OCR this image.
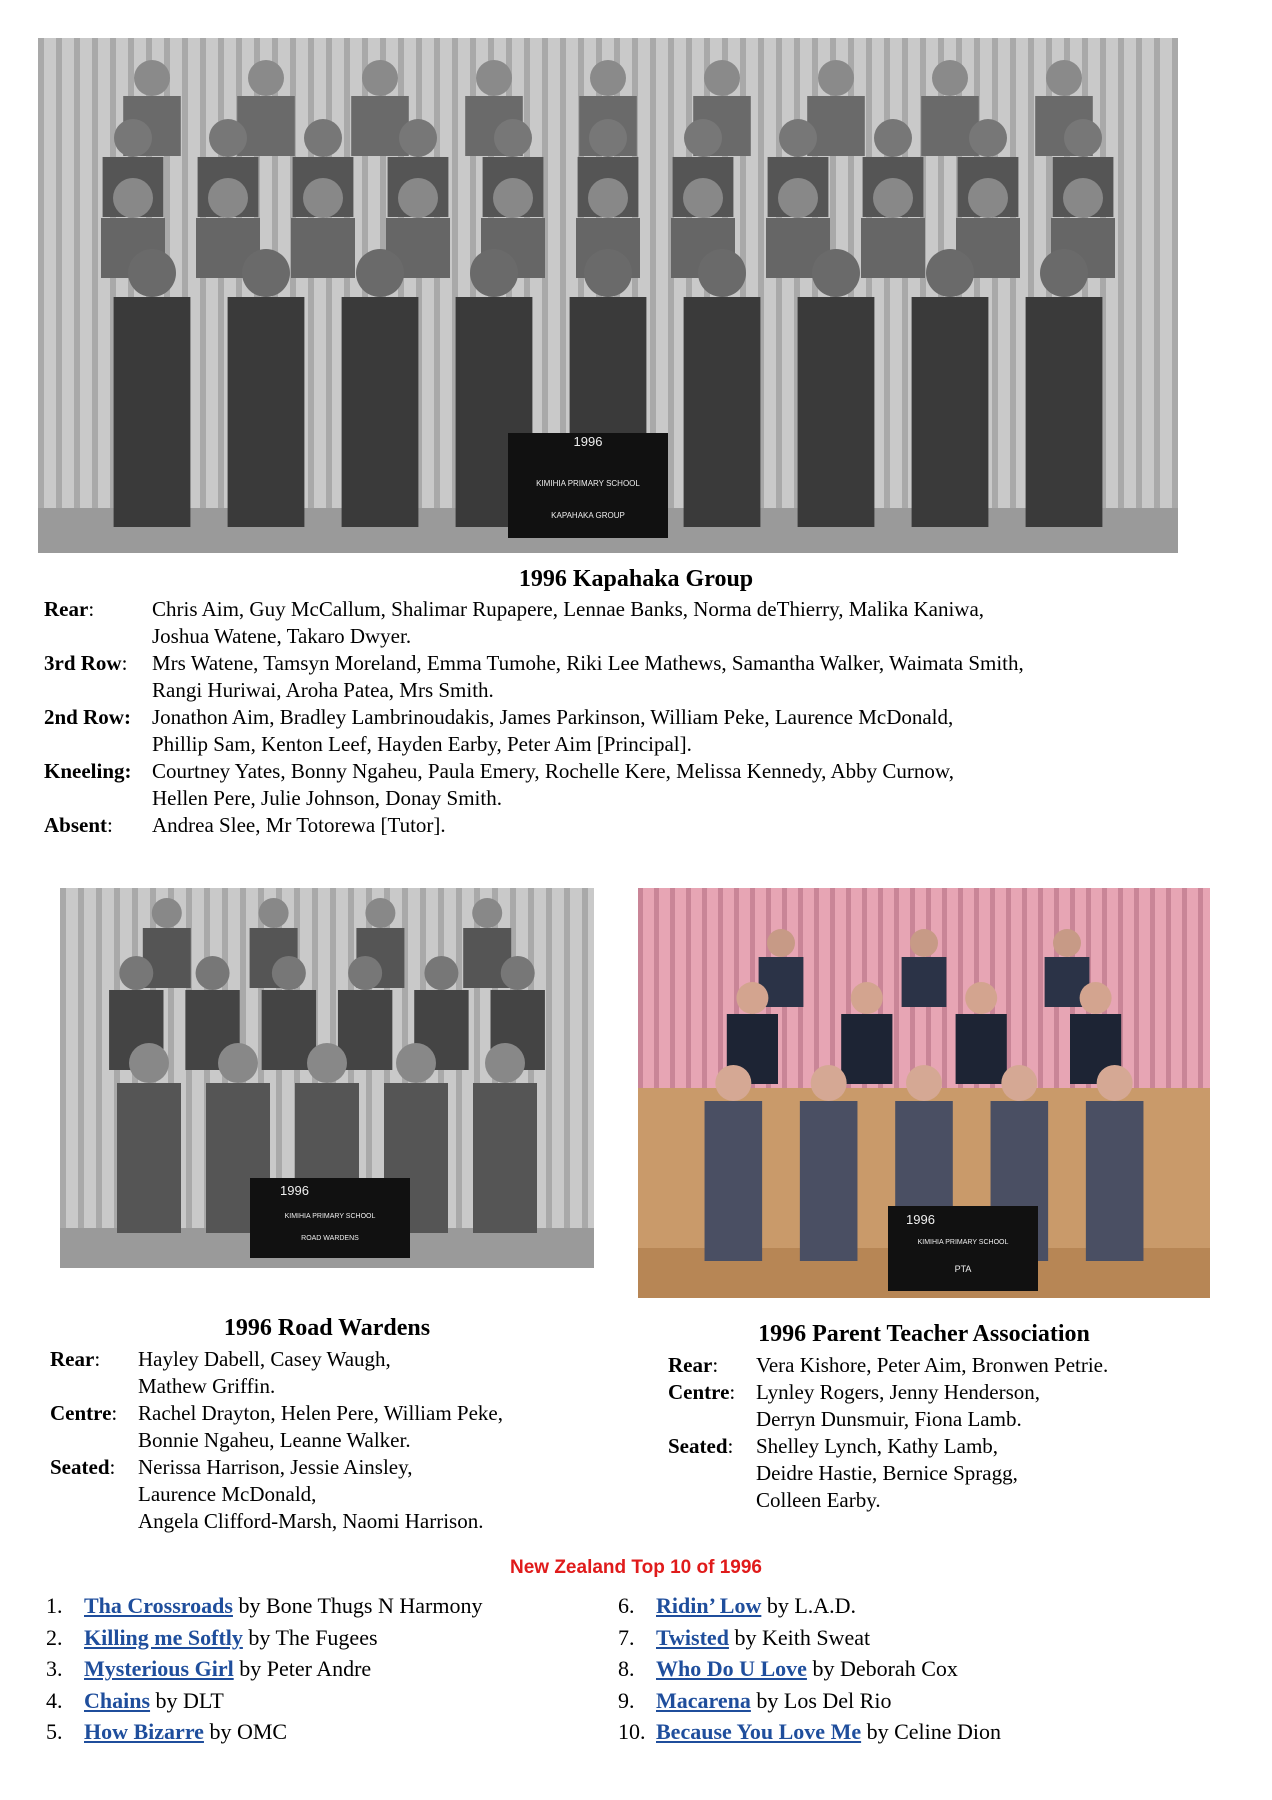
1996
KIMIHIA PRIMARY SCHOOL
KAPAHAKA GROUP
1996 Kapahaka Group
Rear:	Chris Aim, Guy McCallum, Shalimar Rupapere, Lennae Banks, Norma deThierry, Malika Kaniwa,
Joshua Watene, Takaro Dwyer.
3rd Row:	Mrs Watene, Tamsyn Moreland, Emma Tumohe, Riki Lee Mathews, Samantha Walker, Waimata Smith,
Rangi Huriwai, Aroha Patea, Mrs Smith.
2nd Row:	Jonathon Aim, Bradley Lambrinoudakis, James Parkinson, William Peke, Laurence McDonald,
Phillip Sam, Kenton Leef, Hayden Earby, Peter Aim [Principal].
Kneeling: Courtney Yates, Bonny Ngaheu, Paula Emery, Rochelle Kere, Melissa Kennedy, Abby Curnow,
Hellen Pere, Julie Johnson, Donay Smith.
Absent:	Andrea Slee, Mr Totorewa [Tutor].
1996
KIMIHIA PRIMARY SCHOOL
ROAD WARDENS
1996 Road Wardens
Rear:	Hayley Dabell, Casey Waugh,
Mathew Griffin.
Centre: Rachel Drayton, Helen Pere, William Peke,
Bonnie Ngaheu, Leanne Walker.
Seated:	Nerissa Harrison, Jessie Ainsley,
Laurence McDonald,
Angela Clifford-Marsh, Naomi Harrison.
1996
KIMIHIA PRIMARY SCHOOL
PTA
1996 Parent Teacher Association
Rear:	Vera Kishore, Peter Aim, Bronwen Petrie.
Centre: Lynley Rogers, Jenny Henderson,
Derryn Dunsmuir, Fiona Lamb.
Seated:	Shelley Lynch, Kathy Lamb,
Deidre Hastie, Bernice Spragg,
Colleen Earby.
New Zealand Top 10 of 1996
1. Tha Crossroads by Bone Thugs N Harmony
2. Killing me Softly by The Fugees
3. Mysterious Girl by Peter Andre
4. Chains by DLT
5. How Bizarre by OMC
6. Ridin’ Low by L.A.D.
7. Twisted by Keith Sweat
8. Who Do U Love by Deborah Cox
9. Macarena by Los Del Rio
10. Because You Love Me by Celine Dion
